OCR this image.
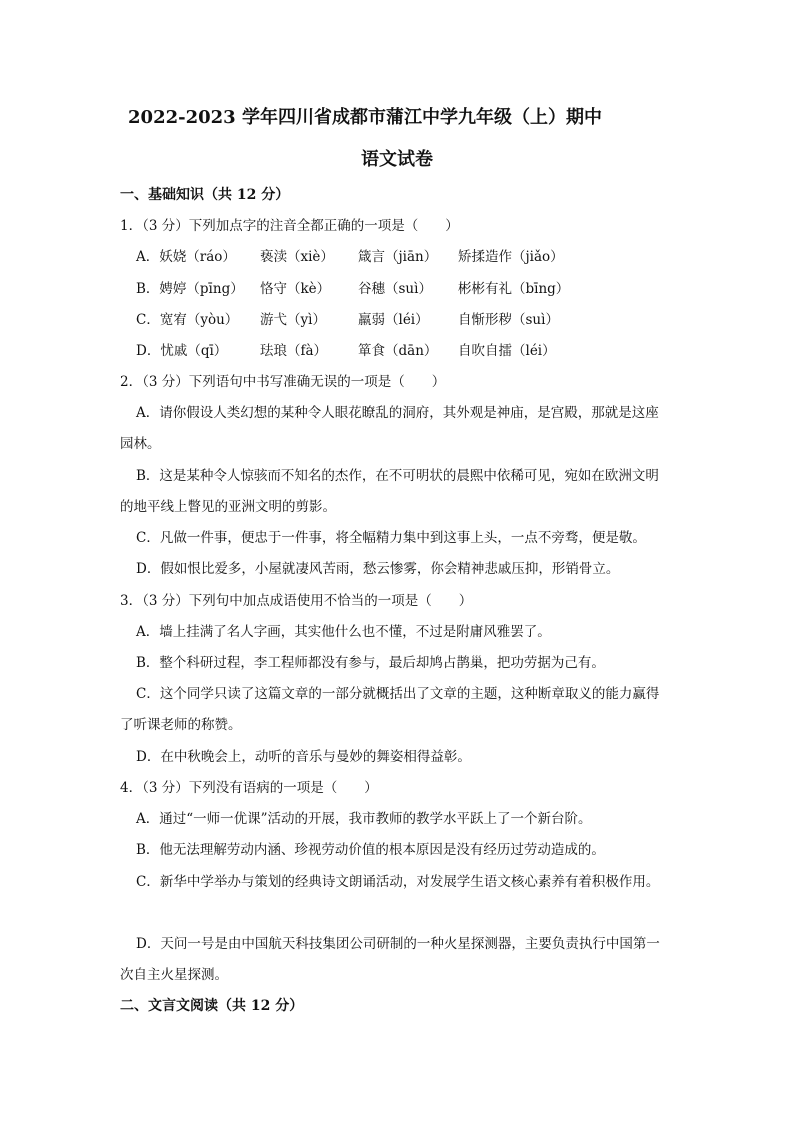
2022-2023 学年四川省成都市蒲江中学九年级（上）期中
语文试卷
一、基础知识（共 12 分）
1．（3 分）下列加点字的注音全都正确的一项是（　　）
A．妖娆（ráo） 亵渎（xiè） 箴言（jiān） 矫揉造作（jiǎo）
B．娉婷（pīng） 恪守（kè） 谷穗（suì） 彬彬有礼（bīng）
C．宽宥（yòu） 游弋（yì） 羸弱（léi） 自惭形秽（suì）
D．忧戚（qī） 珐琅（fà） 箪食（dān） 自吹自擂（léi）
2．（3 分）下列语句中书写准确无误的一项是（　　）
A．请你假设人类幻想的某种令人眼花瞭乱的洞府，其外观是神庙，是宫殿，那就是这座
园林。
B．这是某种令人惊骇而不知名的杰作，在不可明状的晨熙中依稀可见，宛如在欧洲文明
的地平线上瞥见的亚洲文明的剪影。
C．凡做一件事，便忠于一件事，将全幅精力集中到这事上头，一点不旁骛，便是敬。
D．假如恨比爱多，小屋就凄风苦雨，愁云惨雾，你会精神悲戚压抑，形销骨立。
3．（3 分）下列句中加点成语使用不恰当的一项是（　　）
A．墙上挂满了名人字画，其实他什么也不懂，不过是附庸风雅罢了。
B．整个科研过程，李工程师都没有参与，最后却鸠占鹊巢，把功劳据为己有。
C．这个同学只读了这篇文章的一部分就概括出了文章的主题，这种断章取义的能力赢得
了听课老师的称赞。
D．在中秋晚会上，动听的音乐与曼妙的舞姿相得益彰。
4．（3 分）下列没有语病的一项是（　　）
A．通过“一师一优课”活动的开展，我市教师的教学水平跃上了一个新台阶。
B．他无法理解劳动内涵、珍视劳动价值的根本原因是没有经历过劳动造成的。
C．新华中学举办与策划的经典诗文朗诵活动，对发展学生语文核心素养有着积极作用。
D．天问一号是由中国航天科技集团公司研制的一种火星探测器，主要负责执行中国第一
次自主火星探测。
二、文言文阅读（共 12 分）
